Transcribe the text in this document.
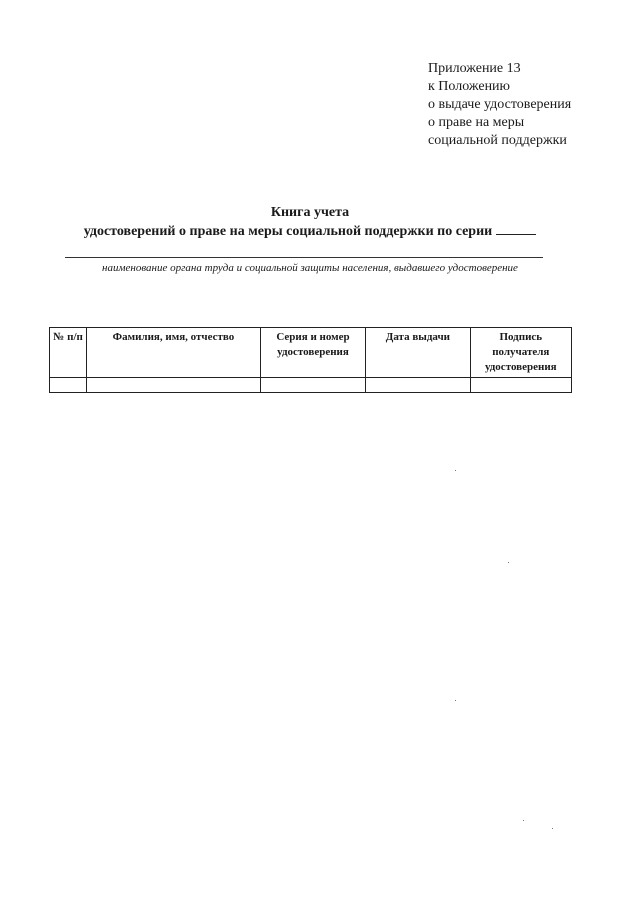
Приложение 13
к Положению
о выдаче удостоверения
о праве на меры
социальной поддержки
Книга учета
удостоверений о праве на меры социальной поддержки по серии
наименование органа труда и социальной защиты населения, выдавшего удостоверение
№ п/п	Фамилия, имя, отчество	Серия и номер удостоверения	Дата выдачи	Подпись получателя удостоверения
